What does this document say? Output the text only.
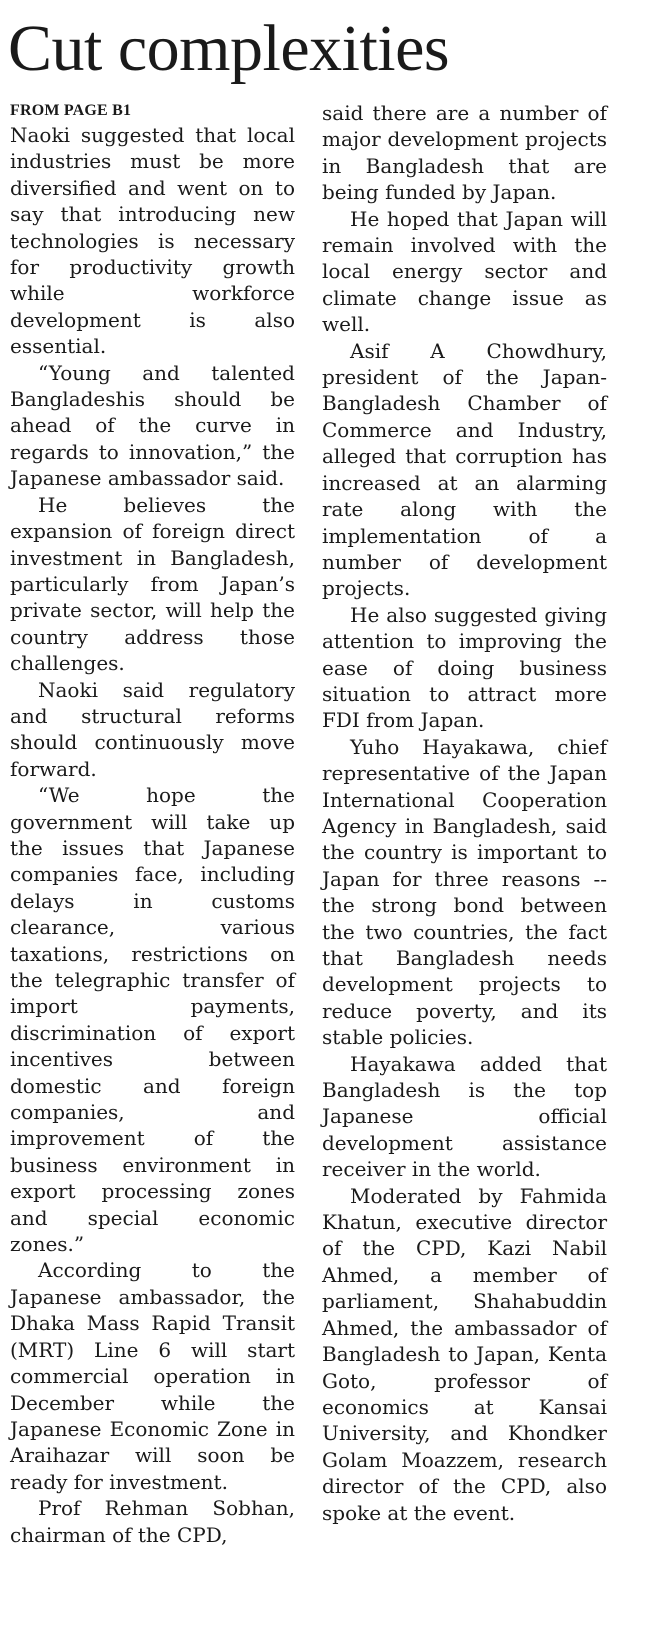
Cut complexities
FROM PAGE B1

Naoki suggested that local industries must be more diversified and went on to say that introducing new technologies is necessary for productivity growth while workforce development is also essential.

“Young and talented Bangladeshis should be ahead of the curve in regards to innovation,” the Japanese ambassador said.

He believes the expansion of foreign direct investment in Bangladesh, particularly from Japan’s private sector, will help the country address those challenges.

Naoki said regulatory and structural reforms should continuously move forward.

“We hope the government will take up the issues that Japanese companies face, including delays in customs clearance, various taxations, restrictions on the telegraphic transfer of import payments, discrimination of export incentives between domestic and foreign companies, and improvement of the business environment in export processing zones and special economic zones.”

According to the Japanese ambassador, the Dhaka Mass Rapid Transit (MRT) Line 6 will start commercial operation in December while the Japanese Economic Zone in Araihazar will soon be ready for investment.

Prof Rehman Sobhan, chairman of the CPD,

said there are a number of major development projects in Bangladesh that are being funded by Japan.

He hoped that Japan will remain involved with the local energy sector and climate change issue as well.

Asif A Chowdhury, president of the Japan-Bangladesh Chamber of Commerce and Industry, alleged that corruption has increased at an alarming rate along with the implementation of a number of development projects.

He also suggested giving attention to improving the ease of doing business situation to attract more FDI from Japan.

Yuho Hayakawa, chief representative of the Japan International Cooperation Agency in Bangladesh, said the country is important to Japan for three reasons -- the strong bond between the two countries, the fact that Bangladesh needs development projects to reduce poverty, and its stable policies.

Hayakawa added that Bangladesh is the top Japanese official development assistance receiver in the world.

Moderated by Fahmida Khatun, executive director of the CPD, Kazi Nabil Ahmed, a member of parliament, Shahabuddin Ahmed, the ambassador of Bangladesh to Japan, Kenta Goto, professor of economics at Kansai University, and Khondker Golam Moazzem, research director of the CPD, also spoke at the event.
